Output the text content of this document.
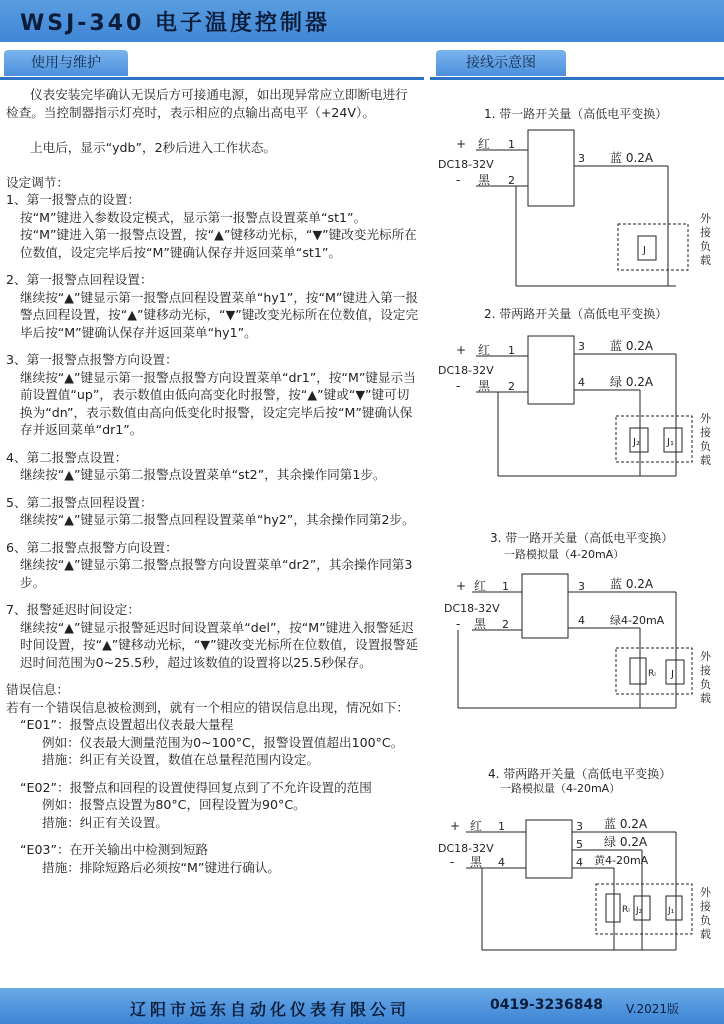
WSJ-340 电子温度控制器
使用与维护	接线示意图

仪表安装完毕确认无误后方可接通电源，如出现异常应立即断电进行检查。当控制器指示灯亮时，表示相应的点输出高电平（+24V）。

上电后，显示“ydb”，2秒后进入工作状态。

设定调节：

1、第一报警点的设置：

按“M”键进入参数设定模式，显示第一报警点设置菜单“st1”。

按“M”键进入第一报警点设置，按“▲”键移动光标，“▼”键改变光标所在位数值，设定完毕后按“M”键确认保存并返回菜单“st1”。

2、第一报警点回程设置：

继续按“▲”键显示第一报警点回程设置菜单“hy1”，按“M”键进入第一报警点回程设置，按“▲”键移动光标，“▼”键改变光标所在位数值，设定完毕后按“M”键确认保存并返回菜单“hy1”。

3、第一报警点报警方向设置：

继续按“▲”键显示第一报警点报警方向设置菜单“dr1”，按“M”键显示当前设置值“up”，表示数值由低向高变化时报警，按“▲”键或“▼”键可切换为“dn”，表示数值由高向低变化时报警，设定完毕后按“M”键确认保存并返回菜单“dr1”。

4、第二报警点设置：

继续按“▲”键显示第二报警点设置菜单“st2”，其余操作同第1步。

5、第二报警点回程设置：

继续按“▲”键显示第二报警点回程设置菜单“hy2”，其余操作同第2步。

6、第二报警点报警方向设置：

继续按“▲”键显示第二报警点报警方向设置菜单“dr2”，其余操作同第3步。

7、报警延迟时间设定：

继续按“▲”键显示报警延迟时间设置菜单“del”，按“M”键进入报警延迟时间设置，按“▲”键移动光标，“▼”键改变光标所在位数值，设置报警延迟时间范围为0~25.5秒，超过该数值的设置将以25.5秒保存。

错误信息：

若有一个错误信息被检测到，就有一个相应的错误信息出现，情况如下：

“E01”：报警点设置超出仪表最大量程

例如：仪表最大测量范围为0~100°C，报警设置值超出100°C。

措施：纠正有关设置，数值在总量程范围内设定。

“E02”：报警点和回程的设置使得回复点到了不允许设置的范围

例如：报警点设置为80°C，回程设置为90°C。

措施：纠正有关设置。

“E03”：在开关输出中检测到短路

措施：排除短路后必须按“M”键进行确认。

1. 带一路开关量（高低电平变换）
+ 红 1
DC18-32V
- 黑 2
3 蓝 0.2A
J
2. 带两路开关量（高低电平变换）
+ 红 1
DC18-32V
- 黑 2
3 蓝 0.2A
4 绿 0.2A
J₂	J₁
3. 带一路开关量（高低电平变换）
一路模拟量（4-20mA）
+ 红 1
DC18-32V
- 黑 2
3 蓝 0.2A
4 绿4-20mA
Rₗ J
4. 带两路开关量（高低电平变换）
一路模拟量（4-20mA）
+ 红 1
DC18-32V
- 黑 4
3 蓝 0.2A
5 绿 0.2A
4 黄4-20mA
Rₗ J₂	J₁
外接负载
外接负载
外接负载
外接负载
辽阳市远东自动化仪表有限公司	0419-3236848 V.2021版
